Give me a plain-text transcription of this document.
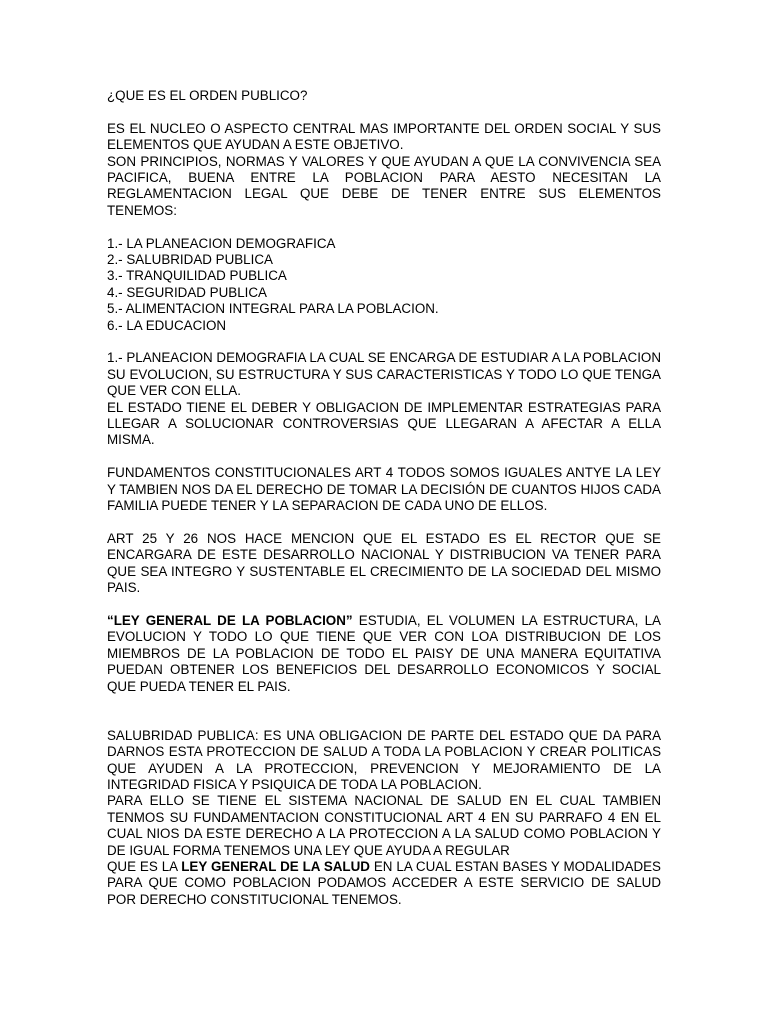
¿QUE ES EL ORDEN PUBLICO?

ES EL NUCLEO O ASPECTO CENTRAL MAS IMPORTANTE DEL ORDEN SOCIAL Y SUS ELEMENTOS QUE AYUDAN A ESTE OBJETIVO.

SON PRINCIPIOS, NORMAS Y VALORES Y QUE AYUDAN A QUE LA CONVIVENCIA SEA PACIFICA, BUENA ENTRE LA POBLACION PARA AESTO NECESITAN LA REGLAMENTACION LEGAL QUE DEBE DE TENER ENTRE SUS ELEMENTOS TENEMOS:

1.- LA PLANEACION DEMOGRAFICA

2.- SALUBRIDAD PUBLICA

3.- TRANQUILIDAD PUBLICA

4.- SEGURIDAD PUBLICA

5.- ALIMENTACION INTEGRAL PARA LA POBLACION.

6.- LA EDUCACION

1.- PLANEACION DEMOGRAFIA LA CUAL SE ENCARGA DE ESTUDIAR A LA POBLACION SU EVOLUCION, SU ESTRUCTURA Y SUS CARACTERISTICAS Y TODO LO QUE TENGA QUE VER CON ELLA.

EL ESTADO TIENE EL DEBER Y OBLIGACION DE IMPLEMENTAR ESTRATEGIAS PARA LLEGAR A SOLUCIONAR CONTROVERSIAS QUE LLEGARAN A AFECTAR A ELLA MISMA.

FUNDAMENTOS CONSTITUCIONALES ART 4 TODOS SOMOS IGUALES ANTYE LA LEY Y TAMBIEN NOS DA EL DERECHO DE TOMAR LA DECISIÓN DE CUANTOS HIJOS CADA FAMILIA PUEDE TENER Y LA SEPARACION DE CADA UNO DE ELLOS.

ART 25 Y 26 NOS HACE MENCION QUE EL ESTADO ES EL RECTOR QUE SE ENCARGARA DE ESTE DESARROLLO NACIONAL Y DISTRIBUCION VA TENER PARA QUE SEA INTEGRO Y SUSTENTABLE EL CRECIMIENTO DE LA SOCIEDAD DEL MISMO PAIS.

“LEY GENERAL DE LA POBLACION” ESTUDIA, EL VOLUMEN LA ESTRUCTURA, LA EVOLUCION Y TODO LO QUE TIENE QUE VER CON LOA DISTRIBUCION DE LOS MIEMBROS DE LA POBLACION DE TODO EL PAISY DE UNA MANERA EQUITATIVA PUEDAN OBTENER LOS BENEFICIOS DEL DESARROLLO ECONOMICOS Y SOCIAL QUE PUEDA TENER EL PAIS.

SALUBRIDAD PUBLICA: ES UNA OBLIGACION DE PARTE DEL ESTADO QUE DA PARA DARNOS ESTA PROTECCION DE SALUD A TODA LA POBLACION Y CREAR POLITICAS QUE AYUDEN A LA PROTECCION, PREVENCION Y MEJORAMIENTO DE LA INTEGRIDAD FISICA Y PSIQUICA DE TODA LA POBLACION.

PARA ELLO SE TIENE EL SISTEMA NACIONAL DE SALUD EN EL CUAL TAMBIEN TENMOS SU FUNDAMENTACION CONSTITUCIONAL ART 4 EN SU PARRAFO 4 EN EL CUAL NIOS DA ESTE DERECHO A LA PROTECCION A LA SALUD COMO POBLACION Y DE IGUAL FORMA TENEMOS UNA LEY QUE AYUDA A REGULAR

QUE ES LA LEY GENERAL DE LA SALUD EN LA CUAL ESTAN BASES Y MODALIDADES PARA QUE COMO POBLACION PODAMOS ACCEDER A ESTE SERVICIO DE SALUD POR DERECHO CONSTITUCIONAL TENEMOS.
